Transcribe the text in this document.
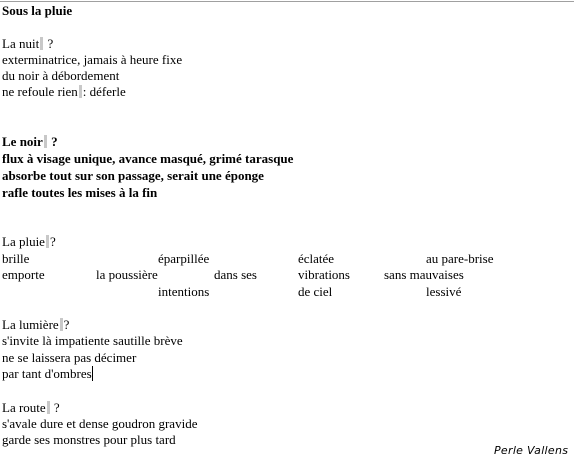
Sous la pluie
La nuit ?
exterminatrice, jamais à heure fixe
du noir à débordement
ne refoule rien : déferle
Le noir ?
flux à visage unique, avance masqué, grimé tarasque
absorbe tout sur son passage, serait une éponge
rafle toutes les mises à la fin
La pluie ?
brille	éparpillée	éclatée	au pare-brise
emporte	la poussière	dans ses	vibrations	sans mauvaises
intentions	de ciel	lessivé
La lumière ?
s'invite là impatiente sautille brève
ne se laissera pas décimer
par tant d'ombres
La route ?
s'avale dure et dense goudron gravide
garde ses monstres pour plus tard
Perle Vallens
